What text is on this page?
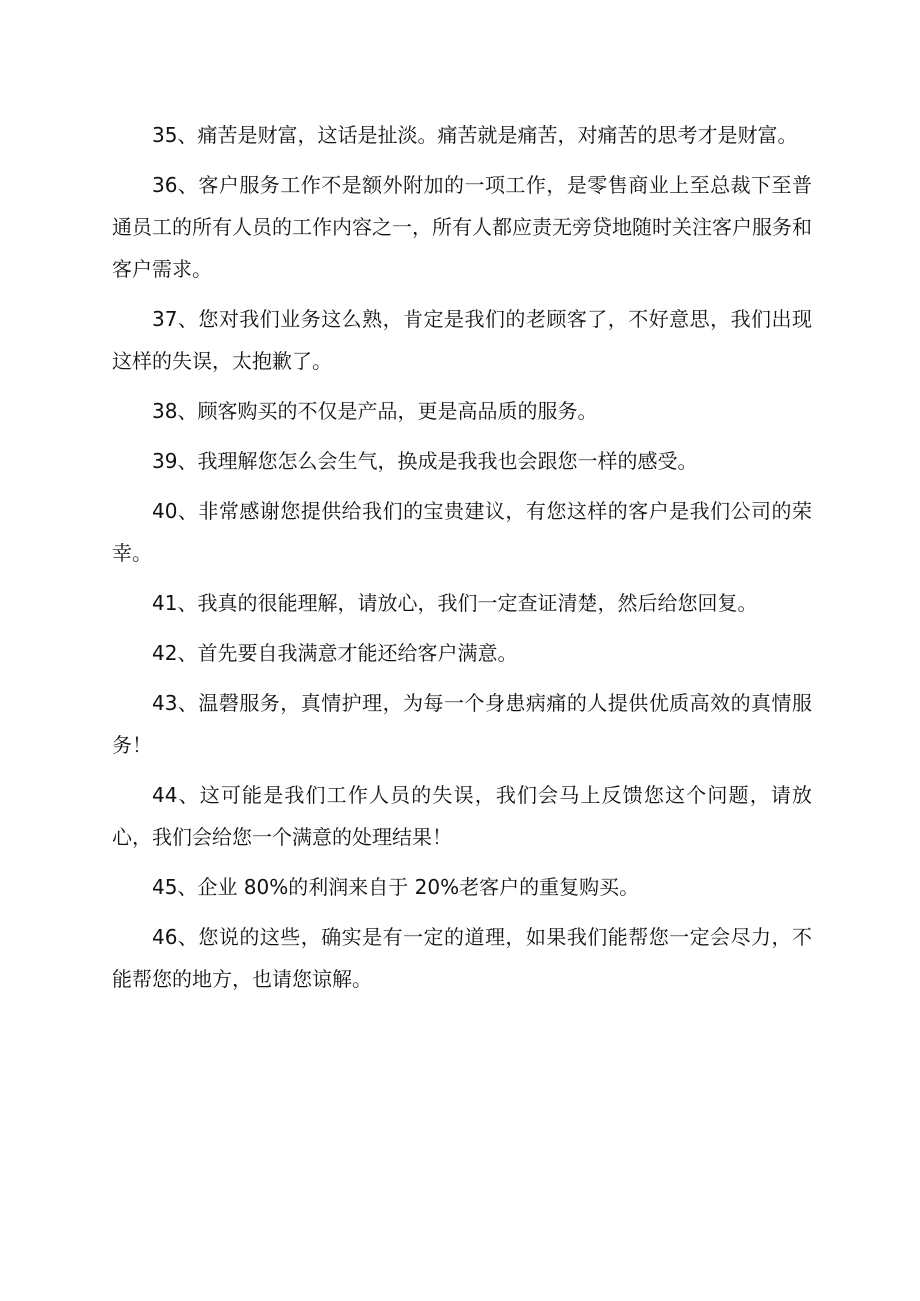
35、痛苦是财富，这话是扯淡。痛苦就是痛苦，对痛苦的思考才是财富。

36、客户服务工作不是额外附加的一项工作，是零售商业上至总裁下至普通员工的所有人员的工作内容之一，所有人都应责无旁贷地随时关注客户服务和客户需求。

37、您对我们业务这么熟，肯定是我们的老顾客了，不好意思，我们出现这样的失误，太抱歉了。

38、顾客购买的不仅是产品，更是高品质的服务。

39、我理解您怎么会生气，换成是我我也会跟您一样的感受。

40、非常感谢您提供给我们的宝贵建议，有您这样的客户是我们公司的荣幸。

41、我真的很能理解，请放心，我们一定查证清楚，然后给您回复。

42、首先要自我满意才能还给客户满意。

43、温磬服务，真情护理，为每一个身患病痛的人提供优质高效的真情服务！

44、这可能是我们工作人员的失误，我们会马上反馈您这个问题，请放心，我们会给您一个满意的处理结果！

45、企业 80%的利润来自于 20%老客户的重复购买。

46、您说的这些，确实是有一定的道理，如果我们能帮您一定会尽力，不能帮您的地方，也请您谅解。
